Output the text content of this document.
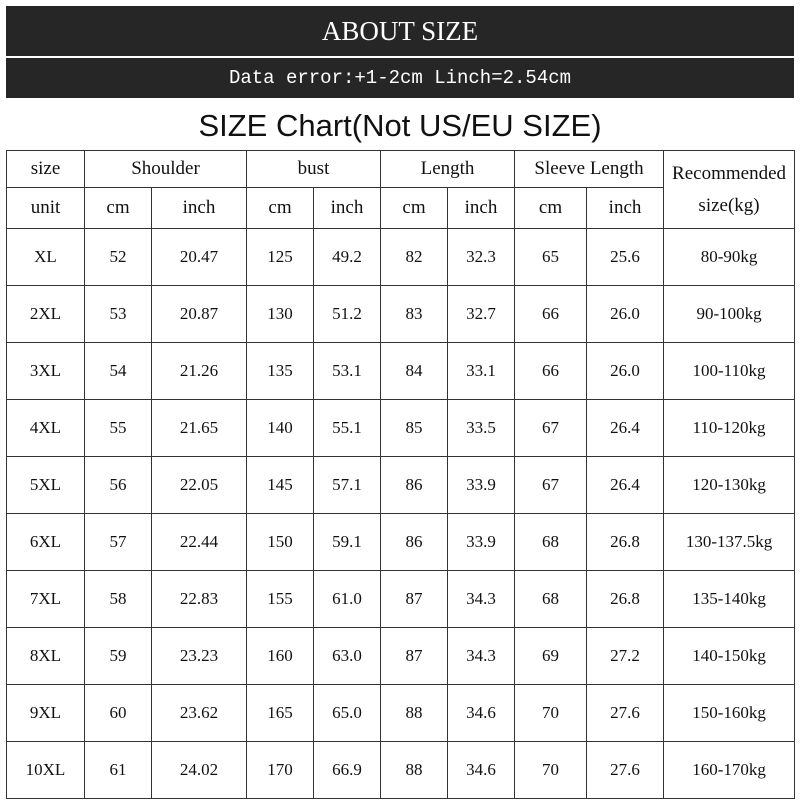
ABOUT SIZE
Data error:+1-2cm Linch=2.54cm
SIZE Chart(Not US/EU SIZE)
size	Shoulder		bust		Length		Sleeve Length		Recommended
size(kg)
unit	cm	inch	cm	inch	cm	inch	cm	inch	
XL	52	20.47	125	49.2	82	32.3	65	25.6	80-90kg
2XL	53	20.87	130	51.2	83	32.7	66	26.0	90-100kg
3XL	54	21.26	135	53.1	84	33.1	66	26.0	100-110kg
4XL	55	21.65	140	55.1	85	33.5	67	26.4	110-120kg
5XL	56	22.05	145	57.1	86	33.9	67	26.4	120-130kg
6XL	57	22.44	150	59.1	86	33.9	68	26.8	130-137.5kg
7XL	58	22.83	155	61.0	87	34.3	68	26.8	135-140kg
8XL	59	23.23	160	63.0	87	34.3	69	27.2	140-150kg
9XL	60	23.62	165	65.0	88	34.6	70	27.6	150-160kg
10XL	61	24.02	170	66.9	88	34.6	70	27.6	160-170kg
